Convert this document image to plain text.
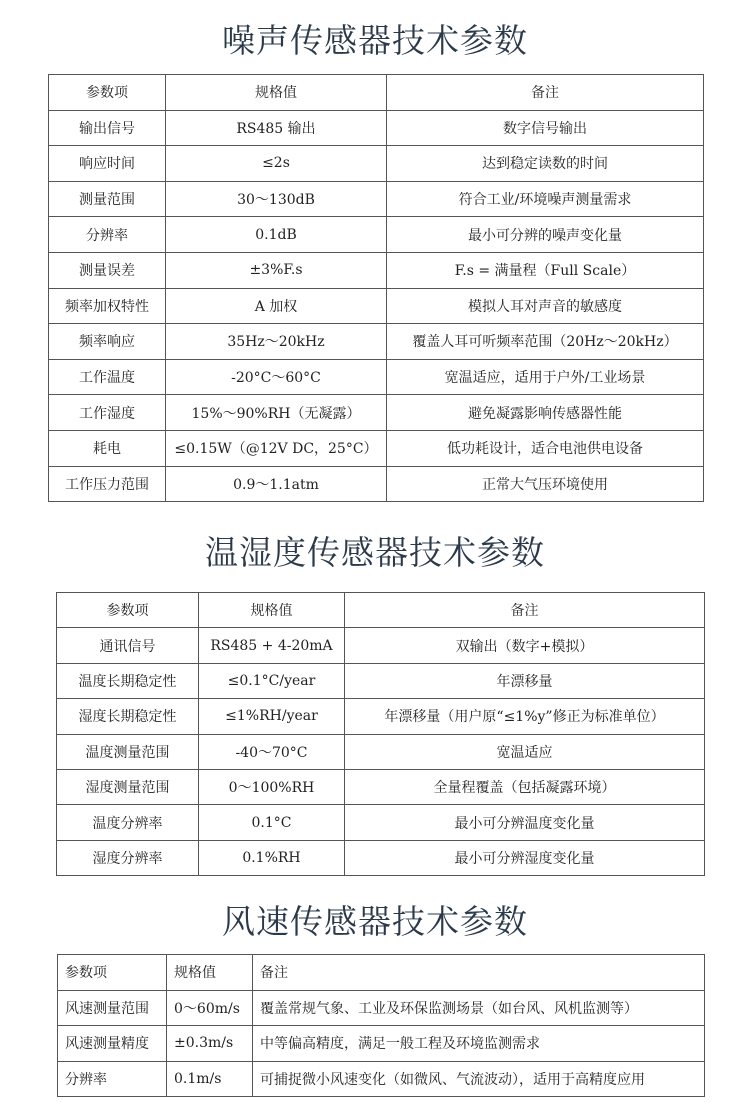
噪声传感器技术参数
参数项	规格值	备注
输出信号	RS485 输出	数字信号输出
响应时间	≤2s	达到稳定读数的时间
测量范围	30～130dB	符合工业/环境噪声测量需求
分辨率	0.1dB	最小可分辨的噪声变化量
测量误差	±3%F.s	F.s = 满量程（Full Scale）
频率加权特性	A 加权	模拟人耳对声音的敏感度
频率响应	35Hz～20kHz	覆盖人耳可听频率范围（20Hz～20kHz）
工作温度	-20°C～60°C	宽温适应，适用于户外/工业场景
工作湿度	15%～90%RH（无凝露）	避免凝露影响传感器性能
耗电	≤0.15W（@12V DC，25°C）	低功耗设计，适合电池供电设备
工作压力范围	0.9～1.1atm	正常大气压环境使用
温湿度传感器技术参数
参数项	规格值	备注
通讯信号	RS485 + 4-20mA	双输出（数字+模拟）
温度长期稳定性	≤0.1°C/year	年漂移量
湿度长期稳定性	≤1%RH/year	年漂移量（用户原“≤1%y”修正为标准单位）
温度测量范围	-40～70°C	宽温适应
湿度测量范围	0～100%RH	全量程覆盖（包括凝露环境）
温度分辨率	0.1°C	最小可分辨温度变化量
湿度分辨率	0.1%RH	最小可分辨湿度变化量
风速传感器技术参数
参数项	规格值	备注
风速测量范围	0～60m/s	覆盖常规气象、工业及环保监测场景（如台风、风机监测等）
风速测量精度	±0.3m/s	中等偏高精度，满足一般工程及环境监测需求
分辨率	0.1m/s	可捕捉微小风速变化（如微风、气流波动），适用于高精度应用
